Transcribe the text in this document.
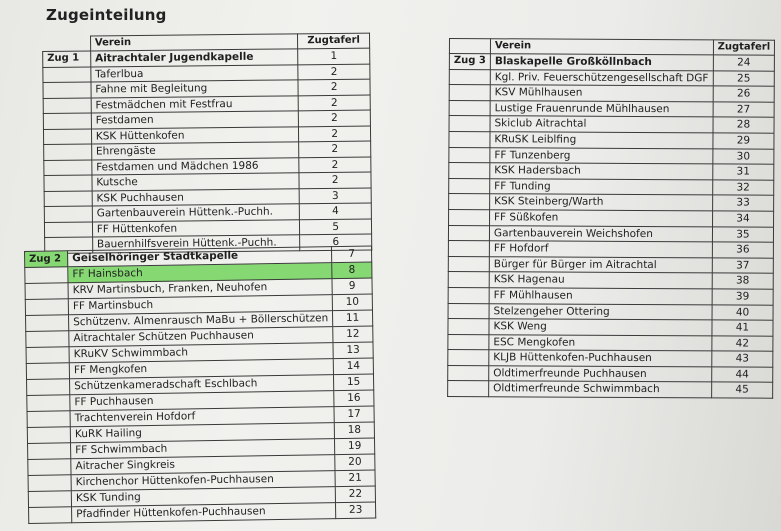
Zugeinteilung
	Verein	Zugtaferl
Zug 1	Aitrachtaler Jugendkapelle	1
	Taferlbua	2
	Fahne mit Begleitung	2
	Festmädchen mit Festfrau	2
	Festdamen	2
	KSK Hüttenkofen	2
	Ehrengäste	2
	Festdamen und Mädchen 1986	2
	Kutsche	2
	KSK Puchhausen	3
	Gartenbauverein Hüttenk.-Puchh.	4
	FF Hüttenkofen	5
	Bauernhilfsverein Hüttenk.-Puchh.	6
Zug 2	Geiselhöringer Stadtkapelle	7
	FF Hainsbach	8
	KRV Martinsbuch, Franken, Neuhofen	9
	FF Martinsbuch	10
	Schützenv. Almenrausch MaBu + Böllerschützen	11
	Aitrachtaler Schützen Puchhausen	12
	KRuKV Schwimmbach	13
	FF Mengkofen	14
	Schützenkameradschaft Eschlbach	15
	FF Puchhausen	16
	Trachtenverein Hofdorf	17
	KuRK Hailing	18
	FF Schwimmbach	19
	Aitracher Singkreis	20
	Kirchenchor Hüttenkofen-Puchhausen	21
	KSK Tunding	22
	Pfadfinder Hüttenkofen-Puchhausen	23
	Verein	Zugtaferl
Zug 3	Blaskapelle Großköllnbach	24
	Kgl. Priv. Feuerschützengesellschaft DGF	25
	KSV Mühlhausen	26
	Lustige Frauenrunde Mühlhausen	27
	Skiclub Aitrachtal	28
	KRuSK Leiblfing	29
	FF Tunzenberg	30
	KSK Hadersbach	31
	FF Tunding	32
	KSK Steinberg/Warth	33
	FF Süßkofen	34
	Gartenbauverein Weichshofen	35
	FF Hofdorf	36
	Bürger für Bürger im Aitrachtal	37
	KSK Hagenau	38
	FF Mühlhausen	39
	Stelzengeher Ottering	40
	KSK Weng	41
	ESC Mengkofen	42
	KLJB Hüttenkofen-Puchhausen	43
	Oldtimerfreunde Puchhausen	44
	Oldtimerfreunde Schwimmbach	45
